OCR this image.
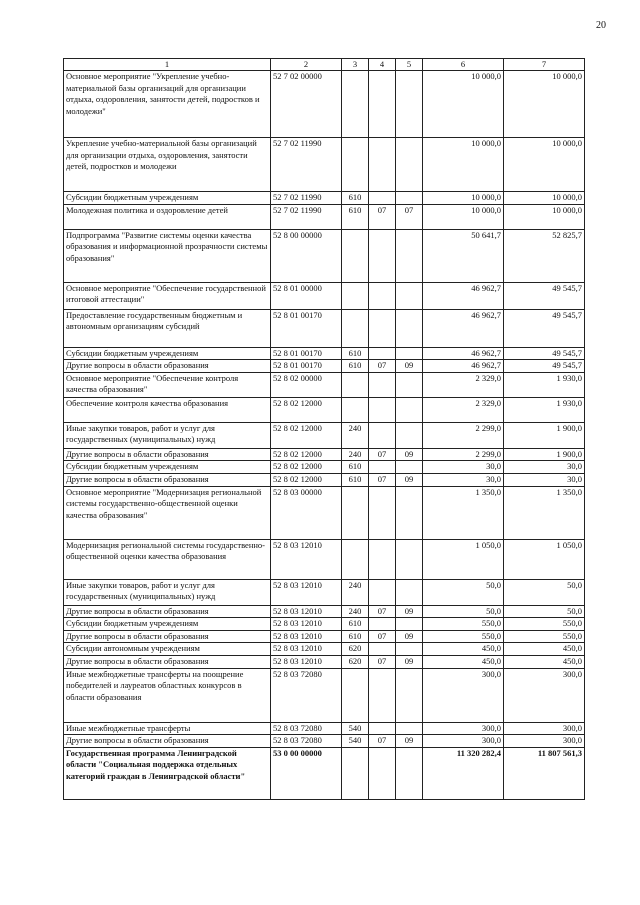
20
1	2	3	4	5	6	7
Основное мероприятие "Укрепление учебно-материальной базы организаций для организации отдыха, оздоровления, занятости детей, подростков и молодежи"	52 7 02 00000				10 000,0	10 000,0
Укрепление учебно-материальной базы организаций для организации отдыха, оздоровления, занятости детей, подростков и молодежи	52 7 02 11990				10 000,0	10 000,0
Субсидии бюджетным учреждениям	52 7 02 11990	610			10 000,0	10 000,0
Молодежная политика и оздоровление детей	52 7 02 11990	610	07	07	10 000,0	10 000,0
Подпрограмма "Развитие системы оценки качества образования и информационной прозрачности системы образования"	52 8 00 00000				50 641,7	52 825,7
Основное мероприятие "Обеспечение государственной итоговой аттестации"	52 8 01 00000				46 962,7	49 545,7
Предоставление государственным бюджетным и автономным организациям субсидий	52 8 01 00170				46 962,7	49 545,7
Субсидии бюджетным учреждениям	52 8 01 00170	610			46 962,7	49 545,7
Другие вопросы в области образования	52 8 01 00170	610	07	09	46 962,7	49 545,7
Основное мероприятие "Обеспечение контроля качества образования"	52 8 02 00000				2 329,0	1 930,0
Обеспечение контроля качества образования	52 8 02 12000				2 329,0	1 930,0
Иные закупки товаров, работ и услуг для государственных (муниципальных) нужд	52 8 02 12000	240			2 299,0	1 900,0
Другие вопросы в области образования	52 8 02 12000	240	07	09	2 299,0	1 900,0
Субсидии бюджетным учреждениям	52 8 02 12000	610			30,0	30,0
Другие вопросы в области образования	52 8 02 12000	610	07	09	30,0	30,0
Основное мероприятие "Модернизация региональной системы государственно-общественной оценки качества образования"	52 8 03 00000				1 350,0	1 350,0
Модернизация региональной системы государственно-общественной оценки качества образования	52 8 03 12010				1 050,0	1 050,0
Иные закупки товаров, работ и услуг для государственных (муниципальных) нужд	52 8 03 12010	240			50,0	50,0
Другие вопросы в области образования	52 8 03 12010	240	07	09	50,0	50,0
Субсидии бюджетным учреждениям	52 8 03 12010	610			550,0	550,0
Другие вопросы в области образования	52 8 03 12010	610	07	09	550,0	550,0
Субсидии автономным учреждениям	52 8 03 12010	620			450,0	450,0
Другие вопросы в области образования	52 8 03 12010	620	07	09	450,0	450,0
Иные межбюджетные трансферты на поощрение победителей и лауреатов областных конкурсов в области образования	52 8 03 72080				300,0	300,0
Иные межбюджетные трансферты	52 8 03 72080	540			300,0	300,0
Другие вопросы в области образования	52 8 03 72080	540	07	09	300,0	300,0
Государственная программа Ленинградской области "Социальная поддержка отдельных категорий граждан в Ленинградской области"	53 0 00 00000				11 320 282,4	11 807 561,3
